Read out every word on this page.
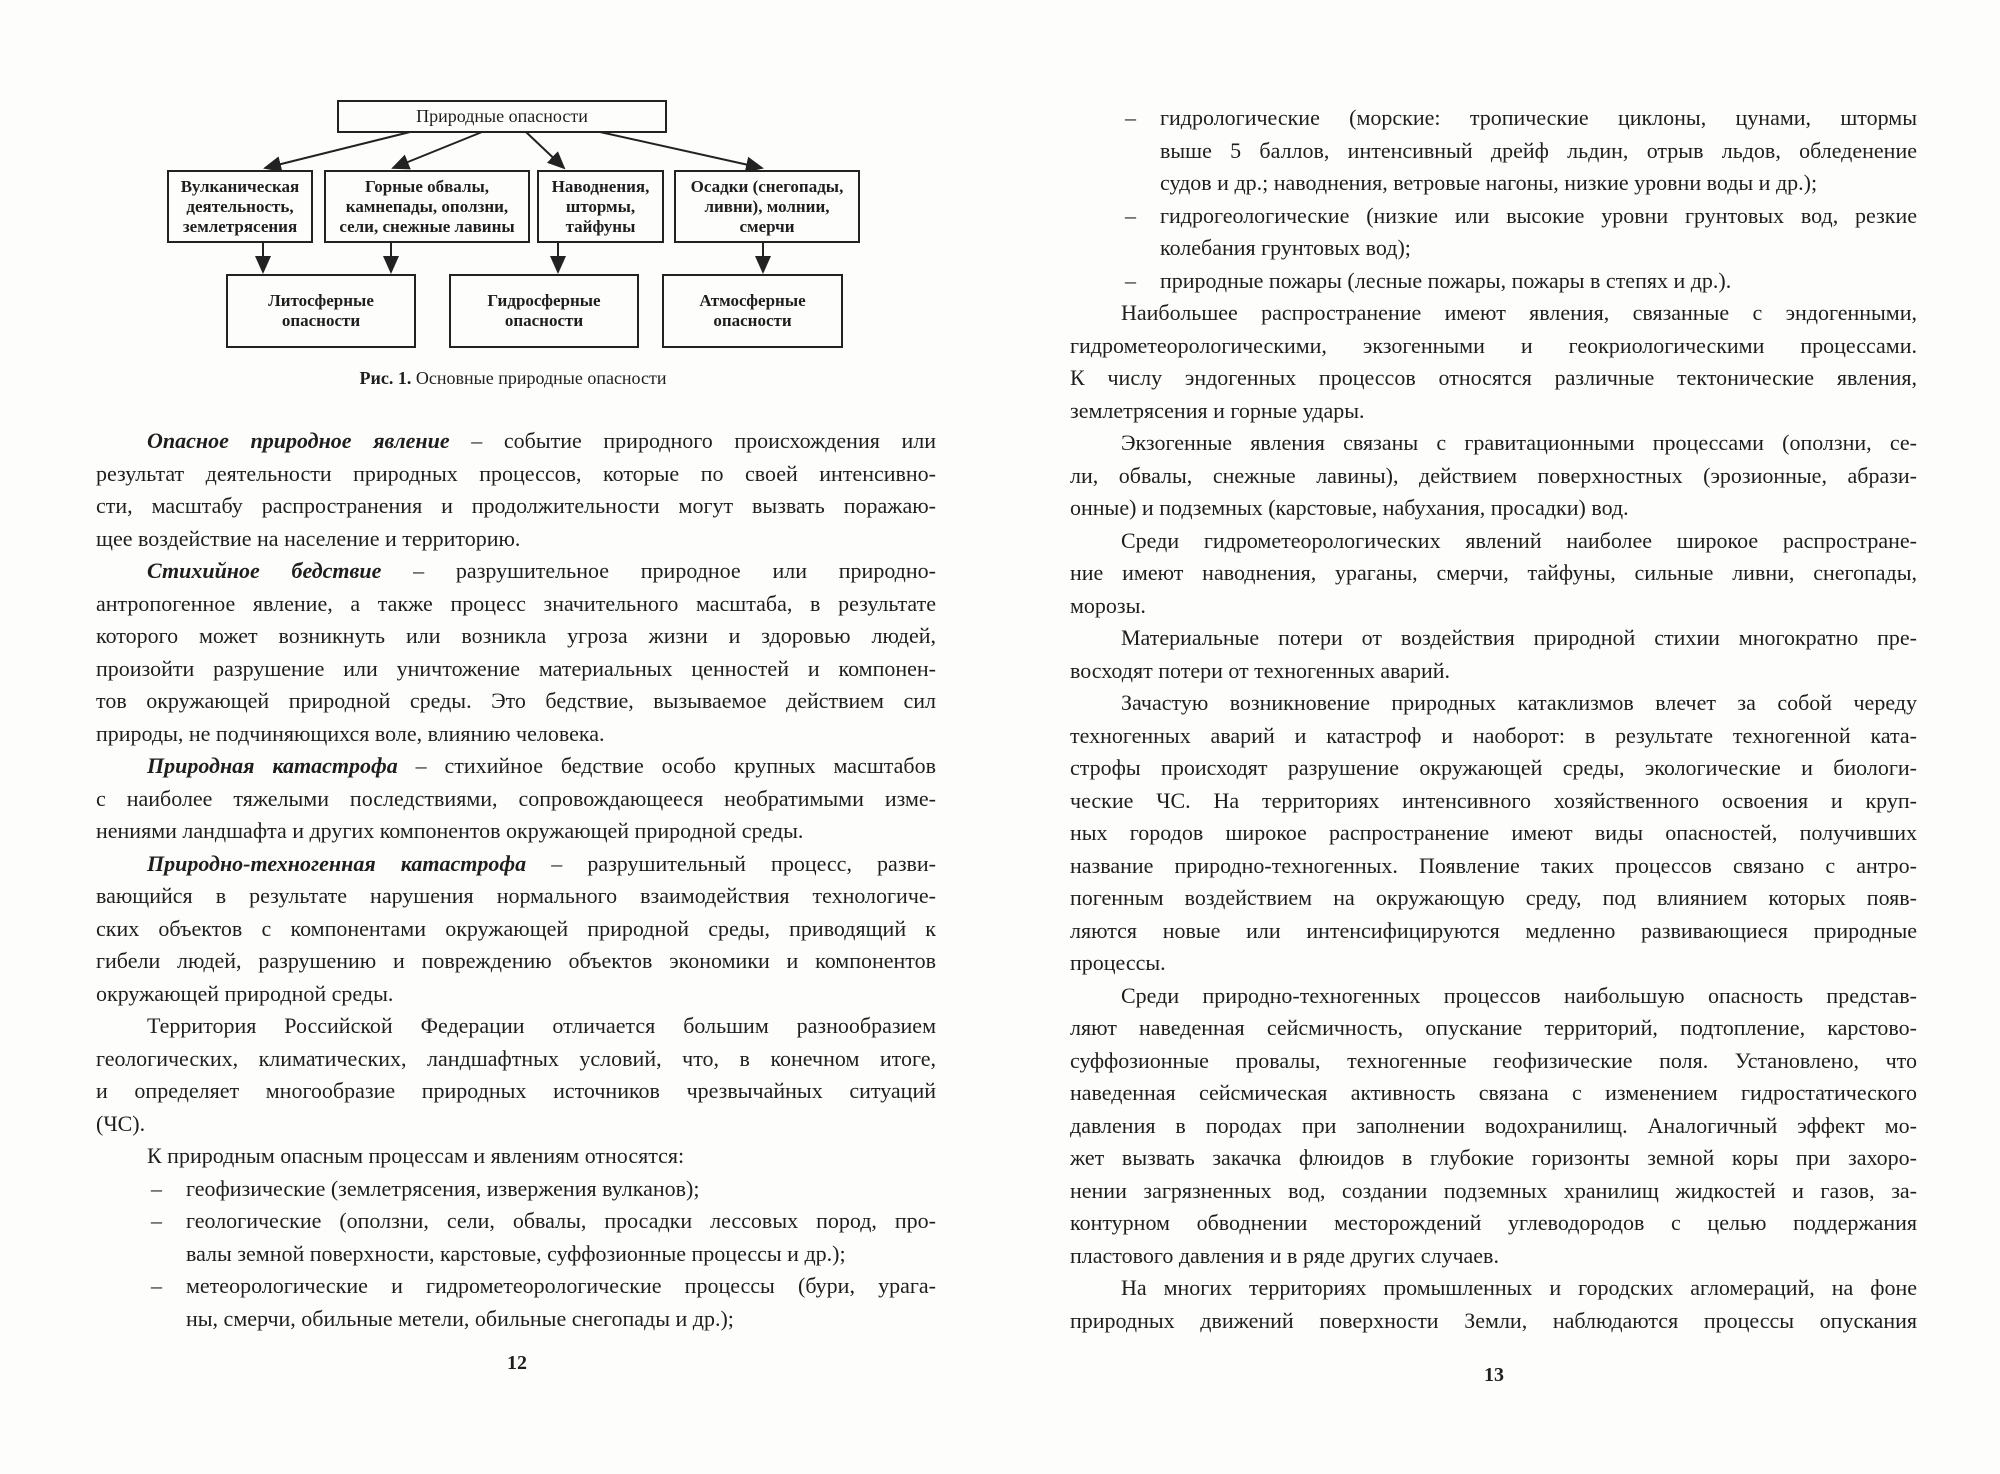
Природные опасности
Вулканическая
деятельность,
землетрясения
Горные обвалы,
камнепады, оползни,
сели, снежные лавины
Наводнения,
штормы,
тайфуны
Осадки (снегопады,
ливни), молнии,
смерчи
Литосферные
опасности
Гидросферные
опасности
Атмосферные
опасности
Рис. 1. Основные природные опасности
Опасное природное явление – событие природного происхождения или
результат деятельности природных процессов, которые по своей интенсивно-
сти, масштабу распространения и продолжительности могут вызвать поражаю-
щее воздействие на население и территорию.
Стихийное бедствие – разрушительное природное или природно-
антропогенное явление, а также процесс значительного масштаба, в результате
которого может возникнуть или возникла угроза жизни и здоровью людей,
произойти разрушение или уничтожение материальных ценностей и компонен-
тов окружающей природной среды. Это бедствие, вызываемое действием сил
природы, не подчиняющихся воле, влиянию человека.
Природная катастрофа – стихийное бедствие особо крупных масштабов
с наиболее тяжелыми последствиями, сопровождающееся необратимыми изме-
нениями ландшафта и других компонентов окружающей природной среды.
Природно-техногенная катастрофа – разрушительный процесс, разви-
вающийся в результате нарушения нормального взаимодействия технологиче-
ских объектов с компонентами окружающей природной среды, приводящий к
гибели людей, разрушению и повреждению объектов экономики и компонентов
окружающей природной среды.
Территория Российской Федерации отличается большим разнообразием
геологических, климатических, ландшафтных условий, что, в конечном итоге,
и определяет многообразие природных источников чрезвычайных ситуаций
(ЧС).
К природным опасным процессам и явлениям относятся:
– геофизические (землетрясения, извержения вулканов);
– геологические (оползни, сели, обвалы, просадки лессовых пород, про-
валы земной поверхности, карстовые, суффозионные процессы и др.);
– метеорологические и гидрометеорологические процессы (бури, урага-
ны, смерчи, обильные метели, обильные снегопады и др.);
12
– гидрологические (морские: тропические циклоны, цунами, штормы
выше 5 баллов, интенсивный дрейф льдин, отрыв льдов, обледенение
судов и др.; наводнения, ветровые нагоны, низкие уровни воды и др.);
– гидрогеологические (низкие или высокие уровни грунтовых вод, резкие
колебания грунтовых вод);
– природные пожары (лесные пожары, пожары в степях и др.).
Наибольшее распространение имеют явления, связанные с эндогенными,
гидрометеорологическими, экзогенными и геокриологическими процессами.
К числу эндогенных процессов относятся различные тектонические явления,
землетрясения и горные удары.
Экзогенные явления связаны с гравитационными процессами (оползни, се-
ли, обвалы, снежные лавины), действием поверхностных (эрозионные, абрази-
онные) и подземных (карстовые, набухания, просадки) вод.
Среди гидрометеорологических явлений наиболее широкое распростране-
ние имеют наводнения, ураганы, смерчи, тайфуны, сильные ливни, снегопады,
морозы.
Материальные потери от воздействия природной стихии многократно пре-
восходят потери от техногенных аварий.
Зачастую возникновение природных катаклизмов влечет за собой череду
техногенных аварий и катастроф и наоборот: в результате техногенной ката-
строфы происходят разрушение окружающей среды, экологические и биологи-
ческие ЧС. На территориях интенсивного хозяйственного освоения и круп-
ных городов широкое распространение имеют виды опасностей, получивших
название природно-техногенных. Появление таких процессов связано с антро-
погенным воздействием на окружающую среду, под влиянием которых появ-
ляются новые или интенсифицируются медленно развивающиеся природные
процессы.
Среди природно-техногенных процессов наибольшую опасность представ-
ляют наведенная сейсмичность, опускание территорий, подтопление, карстово-
суффозионные провалы, техногенные геофизические поля. Установлено, что
наведенная сейсмическая активность связана с изменением гидростатического
давления в породах при заполнении водохранилищ. Аналогичный эффект мо-
жет вызвать закачка флюидов в глубокие горизонты земной коры при захоро-
нении загрязненных вод, создании подземных хранилищ жидкостей и газов, за-
контурном обводнении месторождений углеводородов с целью поддержания
пластового давления и в ряде других случаев.
На многих территориях промышленных и городских агломераций, на фоне
природных движений поверхности Земли, наблюдаются процессы опускания
13
